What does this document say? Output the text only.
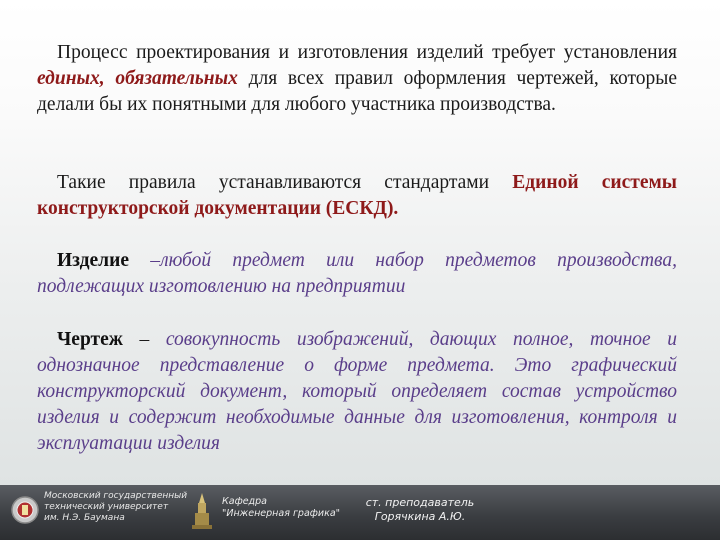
Процесс проектирования и изготовления изделий требует установления единых, обязательных для всех правил оформления чертежей, которые делали бы их понятными для любого участника производства.

Такие правила устанавливаются стандартами Единой системы конструкторской документации (ЕСКД).

Изделие –любой предмет или набор предметов производства, подлежащих изготовлению на предприятии

Чертеж – совокупность изображений, дающих полное, точное и однозначное представление о форме предмета. Это графический конструкторский документ, который определяет состав устройство изделия и содержит необходимые данные для изготовления, контроля и эксплуатации изделия

Московский государственный
технический университет
им. Н.Э. Баумана
Кафедра
"Инженерная графика"
ст. преподаватель
Горячкина А.Ю.
